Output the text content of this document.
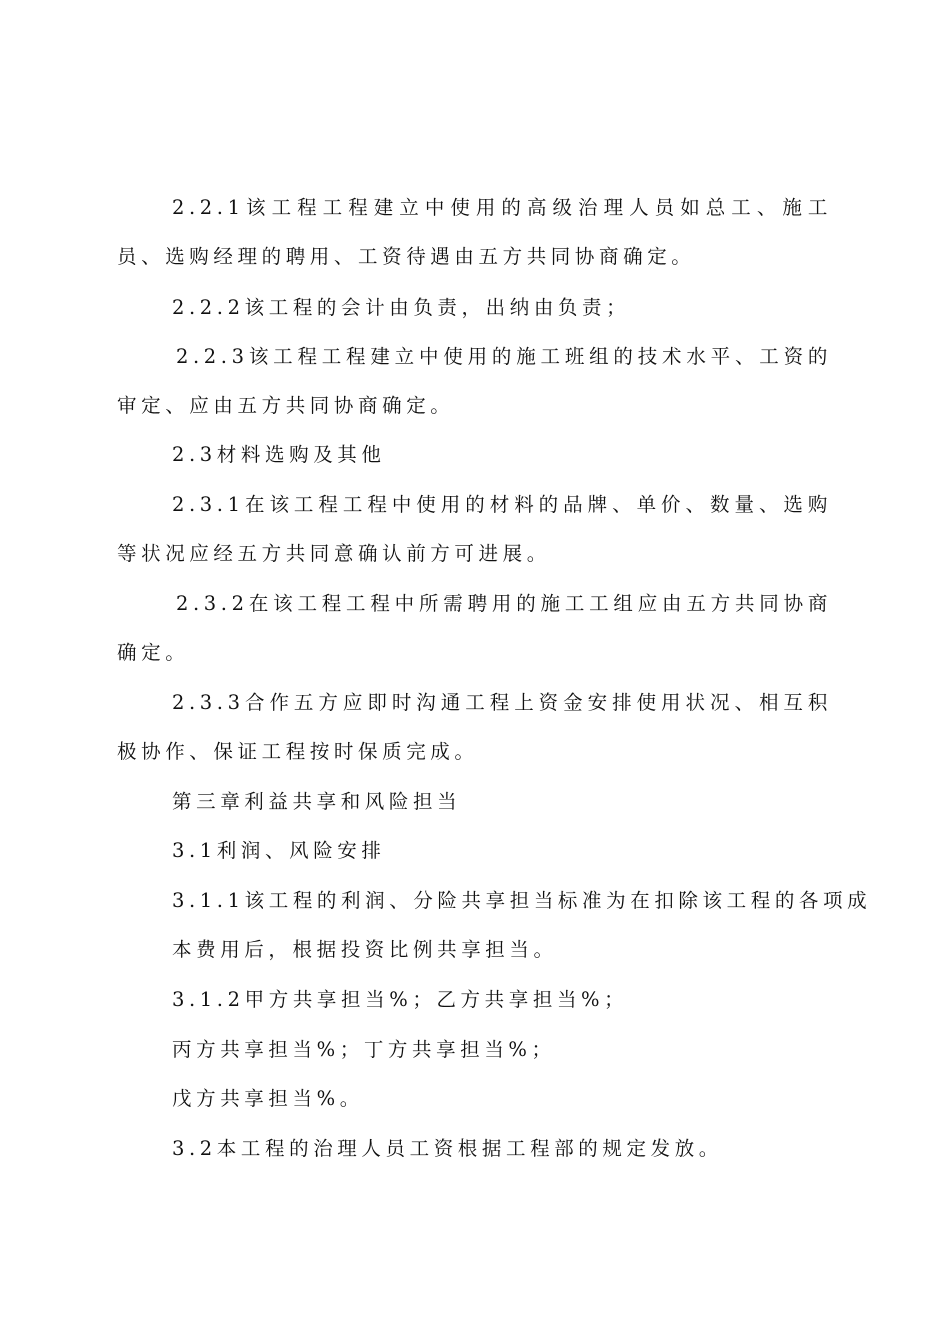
2.2.1该工程工程建立中使用的高级治理人员如总工、施工员、选购经理的聘用、工资待遇由五方共同协商确定。
2.2.2该工程的会计由负责，出纳由负责；
2.2.3该工程工程建立中使用的施工班组的技术水平、工资的审定、应由五方共同协商确定。
2.3材料选购及其他
2.3.1在该工程工程中使用的材料的品牌、单价、数量、选购等状况应经五方共同意确认前方可进展。
2.3.2在该工程工程中所需聘用的施工工组应由五方共同协商确定。
2.3.3合作五方应即时沟通工程上资金安排使用状况、相互积极协作、保证工程按时保质完成。
第三章利益共享和风险担当
3.1利润、风险安排
3.1.1该工程的利润、分险共享担当标准为在扣除该工程的各项成
本费用后，根据投资比例共享担当。
3.1.2甲方共享担当%；乙方共享担当%；
丙方共享担当%；丁方共享担当%；
戊方共享担当%。
3.2本工程的治理人员工资根据工程部的规定发放。
